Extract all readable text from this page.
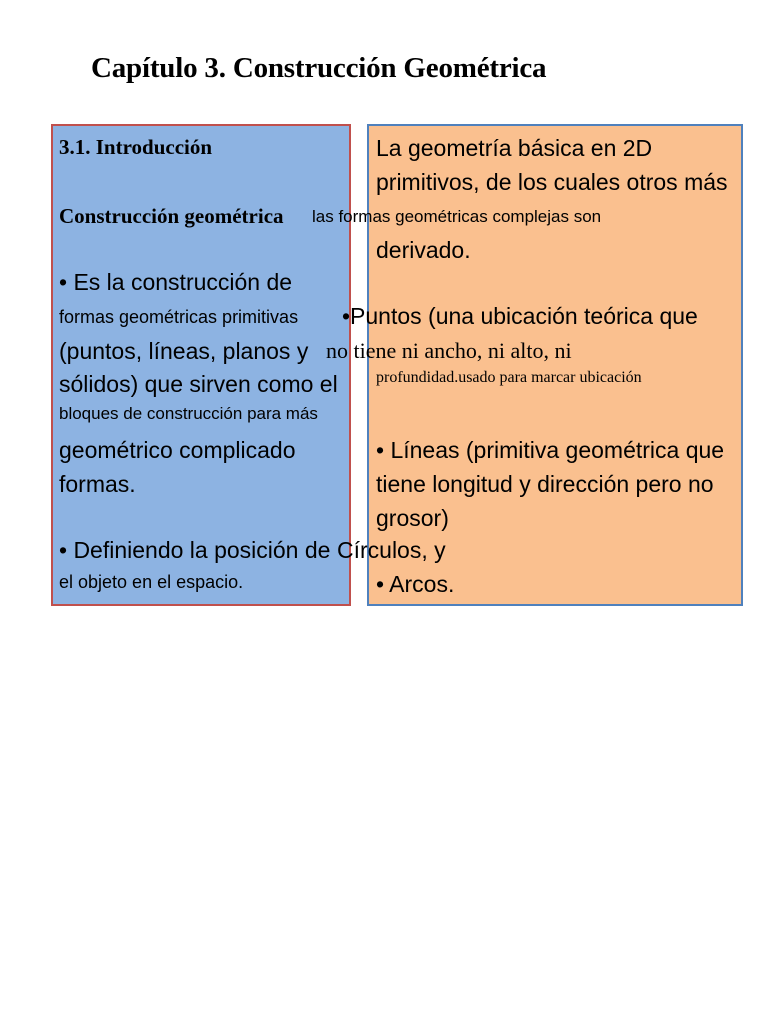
Capítulo 3. Construcción Geométrica
3.1. Introducción
Construcción geométrica las formas geométricas complejas son
• Es la construcción de
formas geométricas primitivas
(puntos, líneas, planos y
sólidos) que sirven como el
bloques de construcción para más
geométrico complicado
formas.
• Definiendo la posición de
el objeto en el espacio.
La geometría básica en 2D
primitivos, de los cuales otros más
derivado.
•Puntos (una ubicación teórica que
no tiene ni ancho, ni alto, ni
profundidad.usado para marcar ubicación
• Líneas (primitiva geométrica que
tiene longitud y dirección pero no
grosor)
Círculos, y
• Arcos.
